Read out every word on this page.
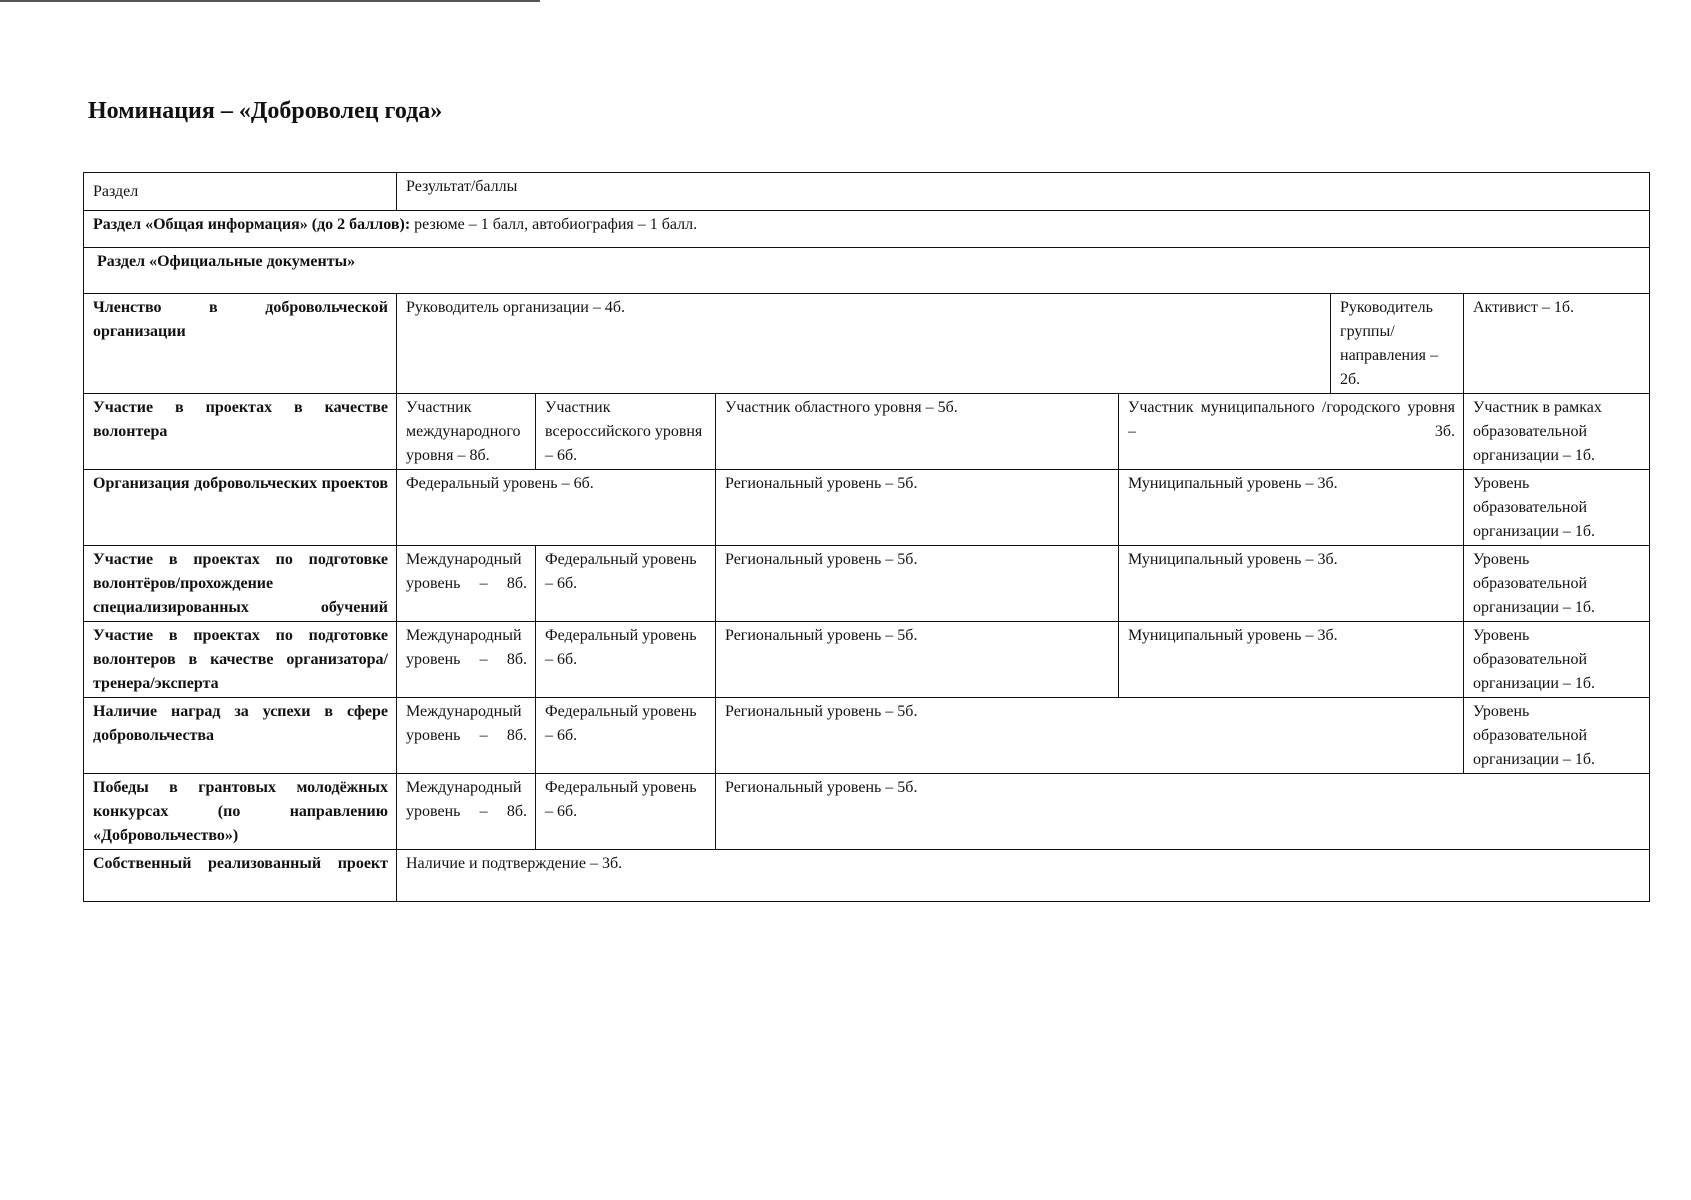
Номинация – «Доброволец года»
Раздел	Результат/баллы					
Раздел «Общая информация» (до 2 баллов): резюме – 1 балл, автобиография – 1 балл.						
Раздел «Официальные документы»						
Членство в добровольческой организации	Руководитель организации – 4б.				Руководитель группы/направления – 2б.	Активист – 1б.
Участие в проектах в качестве волонтера	Участник международного уровня – 8б.	Участник всероссийского уровня – 6б.	Участник областного уровня – 5б.	Участник муниципального /городского уровня – 3б.		Участник в рамках образовательной организации – 1б.
Организация добровольческих проектов	Федеральный уровень – 6б.		Региональный уровень – 5б.	Муниципальный уровень – 3б.		Уровень образовательной организации – 1б.
Участие в проектах по подготовке волонтёров/прохождение специализированных обучений	Международный уровень – 8б.	Федеральный уровень – 6б.	Региональный уровень – 5б.	Муниципальный уровень – 3б.		Уровень образовательной организации – 1б.
Участие в проектах по подготовке волонтеров в качестве организатора/тренера/эксперта	Международный уровень – 8б.	Федеральный уровень – 6б.	Региональный уровень – 5б.	Муниципальный уровень – 3б.		Уровень образовательной организации – 1б.
Наличие наград за успехи в сфере добровольчества	Международный уровень – 8б.	Федеральный уровень – 6б.	Региональный уровень – 5б.			Уровень образовательной организации – 1б.
Победы в грантовых молодёжных конкурсах (по направлению «Добровольчество»)	Международный уровень – 8б.	Федеральный уровень – 6б.	Региональный уровень – 5б.			
Собственный реализованный проект	Наличие и подтверждение – 3б.					
